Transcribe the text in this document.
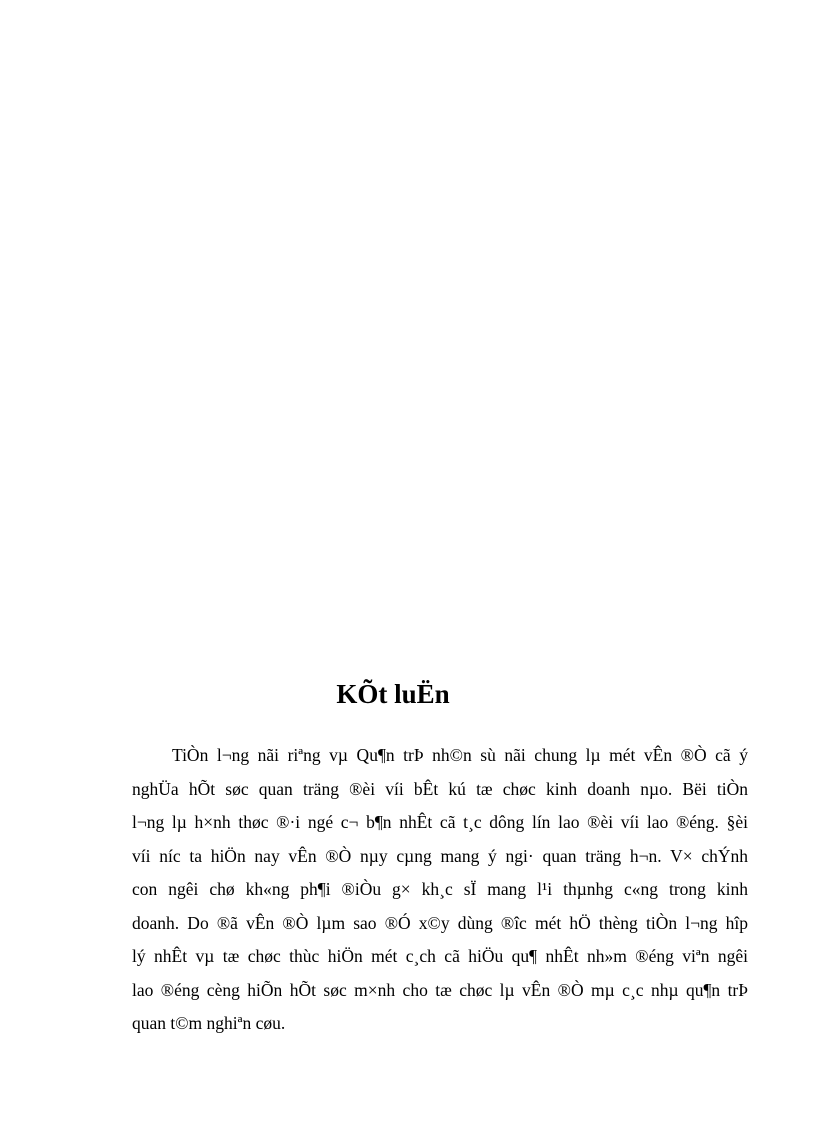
KÕt luËn
TiÒn l¬ng nãi riªng vµ Qu¶n trÞ nh©n sù nãi chung lµ mét vÊn ®Ò cã ý
nghÜa hÕt søc quan träng ®èi víi bÊt kú tæ chøc kinh doanh nµo. Bëi tiÒn
l¬ng lµ h×nh thøc ®·i ngé c¬ b¶n nhÊt cã t¸c dông lín lao ®èi víi lao ®éng. §èi
víi níc ta hiÖn nay vÊn ®Ò nµy cµng mang ý ngi· quan träng h¬n. V× chÝnh
con ngêi chø kh«ng ph¶i ®iÒu g× kh¸c sÏ mang l¹i thµnhg c«ng trong kinh
doanh. Do ®ã vÊn ®Ò lµm sao ®Ó x©y dùng ®îc mét hÖ thèng tiÒn l¬ng hîp
lý nhÊt vµ tæ chøc thùc hiÖn mét c¸ch cã hiÖu qu¶ nhÊt nh»m ®éng viªn ngêi
lao ®éng cèng hiÕn hÕt søc m×nh cho tæ chøc lµ vÊn ®Ò mµ c¸c nhµ qu¶n trÞ
quan t©m nghiªn cøu.
